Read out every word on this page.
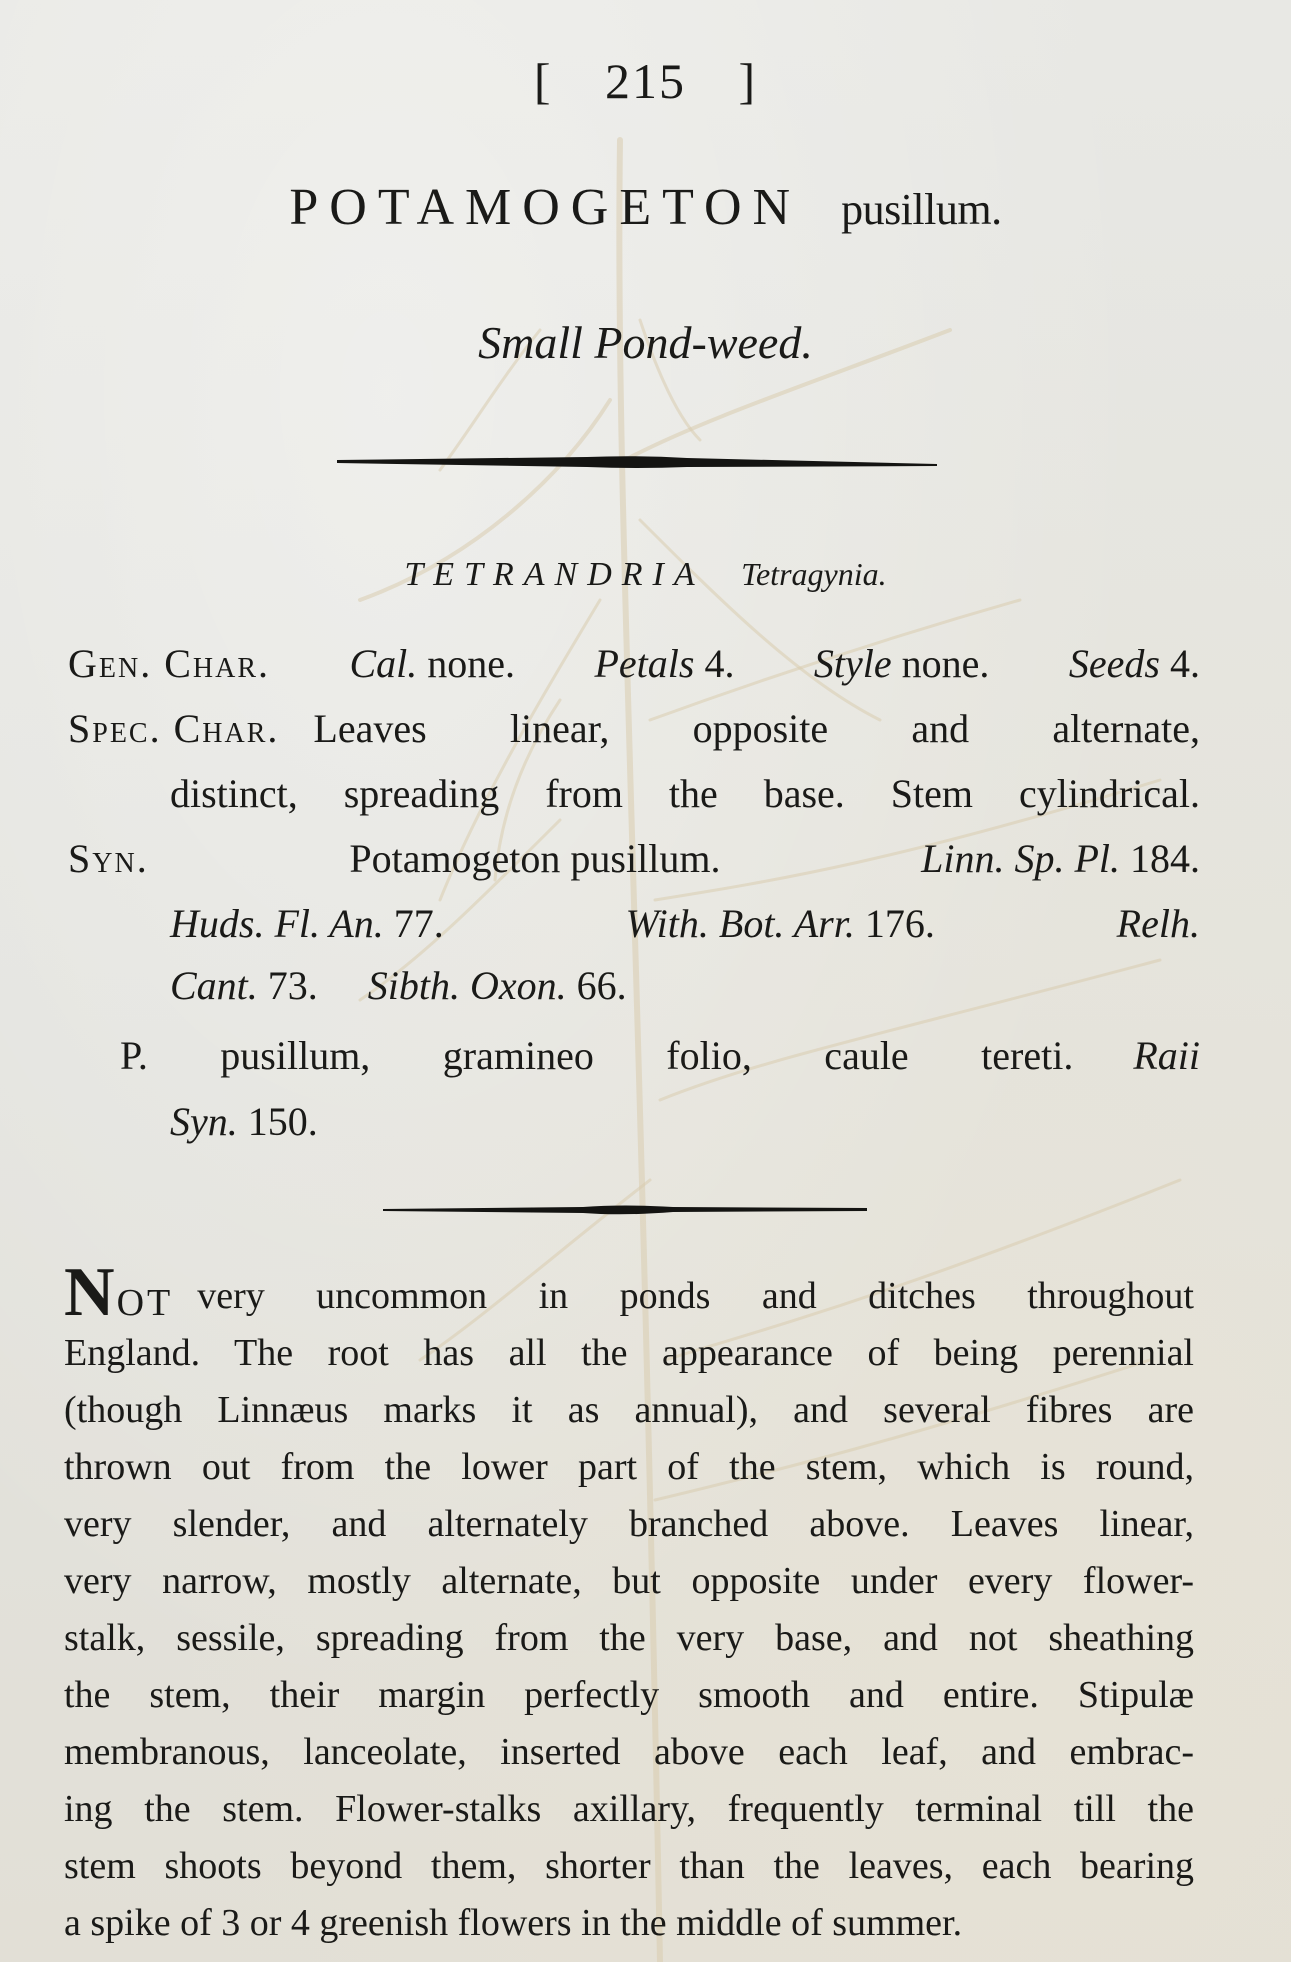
[ 215 ]
POTAMOGETON pusillum.
Small Pond-weed.
TETRANDRIA Tetragynia.
Gen. Char. Cal. none. Petals 4. Style none. Seeds 4.
Spec. Char. Leaves linear, opposite and alternate,
distinct, spreading from the base. Stem cylindrical.
Syn.	Potamogeton pusillum.	Linn. Sp. Pl. 184.
Huds. Fl. An. 77.	With. Bot. Arr. 176.	Relh.
Cant. 73. Sibth. Oxon. 66.
P. pusillum, gramineo folio, caule tereti. Raii
Syn. 150.
NOT very uncommon in ponds and ditches throughout
England. The root has all the appearance of being perennial
(though Linnæus marks it as annual), and several fibres are
thrown out from the lower part of the stem, which is round,
very slender, and alternately branched above. Leaves linear,
very narrow, mostly alternate, but opposite under every flower-
stalk, sessile, spreading from the very base, and not sheathing
the stem, their margin perfectly smooth and entire. Stipulæ
membranous, lanceolate, inserted above each leaf, and embrac-
ing the stem. Flower-stalks axillary, frequently terminal till the
stem shoots beyond them, shorter than the leaves, each bearing
a spike of 3 or 4 greenish flowers in the middle of summer.
